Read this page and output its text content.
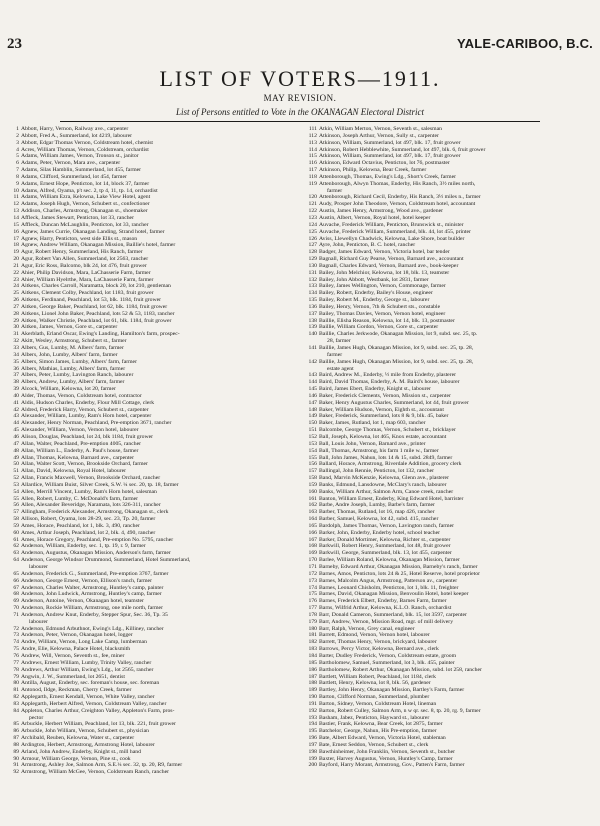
23	YALE-CARIBOO, B.C.
LIST OF VOTERS—1911.
MAY REVISION.
List of Persons entitled to Vote in the OKANAGAN Electoral District
1 Abbott, Harry, Vernon, Railway ave., carpenter
2 Abbott, Fred A., Summerland, lot 4219, labourer
3 Abbott, Edgar Thomas Vernon, Coldstream hotel, chemist
4 Acres, William Thomas, Vernon, Coldstream, orchardist
5 Adams, William James, Vernon, Tronson st., janitor
6 Adams, Peter, Vernon, Mara ave., carpenter
7 Adams, Silas Hamblin, Summerland, lot 455, farmer
8 Adams, Clifford, Summerland, lot 454, farmer
9 Adams, Ernest Hope, Penticton, lot 14, block 37, farmer
10 Adams, Alfred, Oyama, p't sec. 2, tp 4, 11, tp. 14, orchardist
11 Adams, William Ezra, Kelowna, Lake View Hotel, agent
12 Adams, Joseph Hugh, Vernon, Schubert st., confectioner
13 Addison, Charles, Armstrong, Okanagan st., shoemaker
14 Affleck, James Stewart, Penticton, lot 33, rancher
15 Affleck, Duncan McLaughlin, Penticton, lot 33, rancher
16 Agnew, James Currie, Okanagan Landing, Strand hotel, farmer
17 Agnew, Harry, Penticton, west side Ellis st., mason
18 Agnew, Andrew William, Okanagan Mission, Baillie's hotel, farmer
19 Agur, Robert Henry, Summerland, His Ranch, farmer
20 Agur, Robert Van Allen, Summerland, lot 2563, rancher
21 Agur, Eric Ross, Balcomo, blk 24, lot 476, fruit grower
22 Ahier, Philip Davidson, Mara, LaChasserie Farm, farmer
23 Ahier, William Hyelrthe, Mara, LaChasserie Farm, farmer
24 Aitkens, Charles Carroll, Naramatta, block 20, lot 210, gentleman
25 Aitkens, Clement Colby, Peachland, lot 1183, fruit grower
26 Aitkens, Ferdinand, Peachland, lot 53, blk. 1184, fruit grower
27 Aitken, George Baker, Peachland, lot 62, blk. 1184, fruit grower
28 Aitkens, Lionel John Baker, Peachland, lots 52 & 53, 1183, rancher
29 Aitken, Walker Christie, Peachland, lot 61, blk. 1184, fruit grower
30 Aitken, James, Vernon, Gore st., carpenter
31 Akerblath, Erland Oscar, Ewing's Landing, Hamilton's farm, prospec-
32 Akitt, Wesley, Armstrong, Schubert st., farmer
33 Albers, Gus, Lumby, M. Albers' farm, farmer
34 Albers, John, Lumby, Albers' farm, farmer
35 Albers, Simon James, Lumby, Albers' farm, farmer
36 Albers, Mathias, Lumby, Albers' farm, farmer
37 Albers, Peter, Lumby, Lavington Ranch, labourer
38 Albers, Andrew, Lumby, Albers' farm, farmer
39 Alcock, William, Kelowna, lot 20, farmer
40 Alder, Thomas, Vernon, Coldstream hotel, contractor
41 Aldis, Hudson Charles, Enderby, Flour Mill Cottage, clerk
42 Aldred, Frederick Harry, Vernon, Schubert st., carpenter
43 Alexander, William, Lumby, Ram's Horn hotel, carpenter
44 Alexander, Henry Norman, Peachland, Pre-emption 3671, rancher
45 Alexander, William, Vernon, Vernon hotel, labourer
46 Alison, Douglas, Peachland, lot 24, blk 1184, fruit grower
47 Allan, Walter, Peachland, Pre-emption 4005, rancher
48 Allan, William L., Enderby, A. Paul's house, farmer
49 Allan, Thomas, Kelowna, Barnard ave., carpenter
50 Allan, Walter Scott, Vernon, Brookside Orchard, farmer
51 Allan, David, Kelowna, Royal Hotel, labourer
52 Allan, Francis Maxwell, Vernon, Brookside Orchard, rancher
53 Allardice, William Buist, Silver Creek, S.W. ¼ sec. 20, tp. 18, farmer
54 Allen, Merrill Vincent, Lumby, Ram's Horn hotel, salesman
55 Allen, Robert, Lumby, C. McDonald's farm, farmer
56 Allen, Alexander Beveridge, Naramata, lots 326-311, rancher
57 Allingham, Frederick Alexander, Armstrong, Okanagan st., clerk
58 Allison, Robert, Oyama, lots 28-29, sec. 23, Tp. 20, farmer
59 Ames, Horace, Peachland, lot 1, blk. 3, 490, rancher
60 Ames, Arthur Joseph, Peachland, lot 2, blk. 4, 490, rancher
61 Ames, Horace Gregory, Peachland, Pre-emption No. 5795, rancher
62 Anderson, William, Enderby, sec. 1, tp. 19, r. 9, farmer
63 Anderson, Augustus, Okanagan Mission, Anderson's farm, farmer
64 Anderson, George Windsor Drummond, Summerland, Hotel Summerland,
labourer
65 Anderson, Frederick G., Summerland, Pre-emption 3767, farmer
66 Anderson, George Ernest, Vernon, Ellison's ranch, farmer
67 Anderson, Charles Walter, Armstrong, Huntley's camp, painter
68 Anderson, John Ludwick, Armstrong, Huntley's camp, farmer
69 Anderson, Antoine, Vernon, Okanagan hotel, teamster
70 Anderson, Rockie William, Armstrong, one mile north, farmer
71 Anderson, Andrew Knut, Enderby, Stepper Spur, Sec. 36, Tp. 35
labourer
72 Anderson, Edmund Arbuthnot, Ewing's Ldg., Killiney, rancher
73 Anderson, Peter, Vernon, Okanagan hotel, logger
74 Andre, William, Vernon, Long Lake Camp, lumberman
75 Andre, Elie, Kelowna, Palace Hotel, blacksmith
76 Andrew, Will, Vernon, Seventh st., fee, miner
77 Andrews, Ernest William, Lumby, Trinity Valley, rancher
78 Andrews, Arthur William, Ewing's Ldg., lot 2565, rancher
79 Angwin, J. W., Summerland, lot 2651, dentist
80 Antilla, August, Enderby, sec. foreman's house, sec. foreman
81 Antonod, Ildge, Reckman, Cherry Creek, farmer
82 Applegarth, Ernest Kendall, Vernon, White Valley, rancher
83 Applegarth, Herbert Alfred, Vernon, Coldstream Valley, rancher
84 Appleton, Charles Arthur, Creighton Valley, Appleton's Farm, pros-
pector
85 Arbuckle, Herbert William, Peachland, lot 13, blk. 221, fruit grower
86 Arbuckle, John William, Vernon, Schubert st., physician
87 Archibald, Reuben, Kelowna, Water st., carpenter
88 Ardington, Herbert, Armstrong, Armstrong Hotel, labourer
89 Arland, John Andrew, Enderby, Knight st., mill hand
90 Armour, William George, Vernon, Pine st., cook
91 Armstrong, Ashley Joe, Salmon Arm, S.E.¼ sec. 32, tp. 20, R9, farmer
92 Armstrong, William McGee, Vernon, Coldstream Ranch, rancher
111 Atkin, William Merton, Vernon, Seventh st., salesman
112 Atkinson, Joseph Arthur, Vernon, Sully st., carpenter
113 Atkinson, William, Summerland, lot 497, blk. 17, fruit grower
114 Atkinson, Robert Hebblewhite, Summerland, lot 497, blk. 6, fruit grower
115 Atkinson, William, Summerland, lot 497, blk. 17, fruit grower
116 Atkinson, Edward Octavius, Penticton, lot 76, postmaster
117 Atkinson, Philip, Kelowna, Bear Creek, farmer
118 Attenborough, Thomas, Ewing's Ldg., Short's Creek, farmer
119 Attenborough, Alwyn Thomas, Enderby, His Ranch, 3½ miles north,
farmer
120 Attenborough, Richard Cecil, Enderby, His Ranch, 3½ miles n., farmer
121 Audy, Prosper John Theodore, Vernon, Coldstream hotel, accountant
122 Austin, James Henry, Armstrong, Wood ave., gardener
123 Austin, Albert, Vernon, Royal hotel, hotel keeper
124 Auvache, Frederick William, Penticton, Brunswick st., minister
125 Auvache, Frederick William, Summerland, blk. 44, lot 455, printer
126 Aviss, Llewellyn Chadwick, Kelowna, Lake Shore, boat builder
127 Ayre, John, Penticton, B. C. hotel, rancher
128 Badger, James Edward, Vernon, Victoria hotel, bar tender
129 Bagnall, Richard Guy Pearse, Vernon, Barnard ave., accountant
130 Bagnall, Charles Edward, Vernon, Barnard ave., book-keeper
131 Bailey, John Melchior, Kelowna, lot 18, blk. 13, teamster
132 Bailey, John Abbott, Westbank, lot 2831, farmer
133 Bailey, James Wellington, Vernon, Commonage, farmer
134 Bailey, Robert, Enderby, Bailey's House, engineer
135 Bailey, Robert M., Enderby, George st., labourer
136 Bailey, Henry, Vernon, 7th & Schubert sts., constable
137 Bailey, Thomas Davies, Vernon, Vernon hotel, engineer
138 Baillie, Elisha Reason, Kelowna, lot 14, blk. 13, postmaster
139 Baillie, William Gordon, Vernon, Gore st., carpenter
140 Baillie, Charles Jerkwode, Okanagan Mission, lot 9, subd. sec. 25, tp.
28, farmer
141 Baillie, James Hugh, Okanagan Mission, lot 9, subd. sec. 25, tp. 28,
farmer
142 Baillie, James Hugh, Okanagan Mission, lot 9, subd. sec. 25, tp. 28,
estate agent
143 Baird, Andrew M., Enderby, ½ mile from Enderby, plasterer
144 Baird, David Thomas, Enderby, A. M. Baird's house, labourer
145 Baird, James Ebert, Enderby, Knight st., labourer
146 Baker, Frederick Clements, Vernon, Mission st., carpenter
147 Baker, Henry Augustus Charles, Summerland, lot 44, fruit grower
148 Baker, William Hudson, Vernon, Eighth st., accountant
149 Baker, Frederick, Summerland, lots 8 & 9, blk. 45, baker
150 Baker, James, Rutland, lot 1, map 603, rancher
151 Balcombe, George Thomas, Vernon, Schubert st., bricklayer
152 Ball, Joseph, Kelowna, lot 465, Knox estate, accountant
153 Ball, Louis John, Vernon, Barnard ave., printer
154 Ball, Thomas, Armstrong, his farm 1 mile w., farmer
155 Ball, John James, Nahun, lots 14 & 15, subd. 2849, farmer
156 Ballard, Horace, Armstrong, Riverdale Addition, grocery clerk
157 Ballingal, John Rennie, Penticton, lot 132, rancher
158 Band, Marvin McKenzie, Kelowna, Glenn ave., plasterer
159 Banks, Edmund, Lansdowne, McClary's ranch, labourer
160 Banks, William Arthur, Salmon Arm, Canoe creek, rancher
161 Banton, William Ernest, Enderby, King Edward Hotel, barrister
162 Barbe, Andre Joseph, Lumby, Barbe's farm, farmer
163 Barber, Thomas, Rutland, lot 16, map 426, rancher
164 Barber, Samuel, Kelowna, lot 42, subd. 415, rancher
165 Bardolph, James Thomas, Vernon, Lavington ranch, farmer
166 Barker, John, Enderby, Enderby hotel, school teacher
167 Barker, Donald Mortimer, Kelowna, Richter st., carpenter
168 Barkwill, Robert Henry, Summerland, lot 48, fruit grower
169 Barkwill, George, Summerland, blk. 13, lot 455, carpenter
170 Barlee, William Roland, Kelowna, Okanagan Mission, farmer
171 Barneby, Edward Arthur, Okanagan Mission, Barneby's ranch, farmer
172 Barnes, Amos, Penticton, lots 24 & 25, Hotel Reserve, hotel proprietor
173 Barnes, Malcolm Angus, Armstrong, Patterson av., carpenter
174 Barnes, Leonard Chisholm, Penticton, lot 1, blk. 11, freighter
175 Barnes, David, Okanagan Mission, Benvoulin Hotel, hotel keeper
176 Barnes, Frederick Elbert, Enderby, Barnes Farm, farmer
177 Barns, Wilfrid Arthur, Kelowna, K.L.O. Ranch, orchardist
178 Barr, Donald Cameron, Summerland, blk. 15, lot 3597, carpenter
179 Barr, Andrew, Vernon, Mission Road, mgr. of mill delivery
180 Barr, Ralph, Vernon, Grey canal, engineer
181 Barrett, Edmond, Vernon, Vernon hotel, labourer
182 Barrett, Thomas Henry, Vernon, brickyard, labourer
183 Barrows, Percy Victor, Kelowna, Bernard ave., clerk
184 Barter, Dudley Frederick, Vernon, Coldstream estate, groom
185 Bartholomew, Samuel, Summerland, lot 3, blk. 455, painter
186 Bartholomew, Robert Arthur, Okanagan Mission, subd. lot 258, rancher
187 Bartlett, William Robert, Peachland, lot 1184, clerk
188 Bartlett, Henry, Kelowna, lot 8, blk. 56, gardener
189 Bartley, John Henry, Okanagan Mission, Bartley's Farm, farmer
190 Barton, Clifford Norman, Summerland, plumber
191 Barton, Sidney, Vernon, Coldstream Hotel, lineman
192 Barton, Robert Culley, Salmon Arm, n w qr. sec. 8, tp. 20, rg. 9, farmer
193 Basham, Jabez, Penticton, Hayward st., labourer
194 Bastier, Frank, Kelowna, Bear Creek, lot 2875, farmer
195 Batchelor, George, Nahun, His Pre-emption, farmer
196 Bate, Albert Edward, Vernon, Victoria Hotel, stableman
197 Bate, Ernest Seddon, Vernon, Schubert st., clerk
198 Bawthinheimer, John Franklin, Vernon, Seventh st., butcher
199 Baxter, Harvey Augustus, Vernon, Huntley's Camp, farmer
200 Bayford, Harry Morant, Armstrong, Gov., Patten's Farm, farmer
